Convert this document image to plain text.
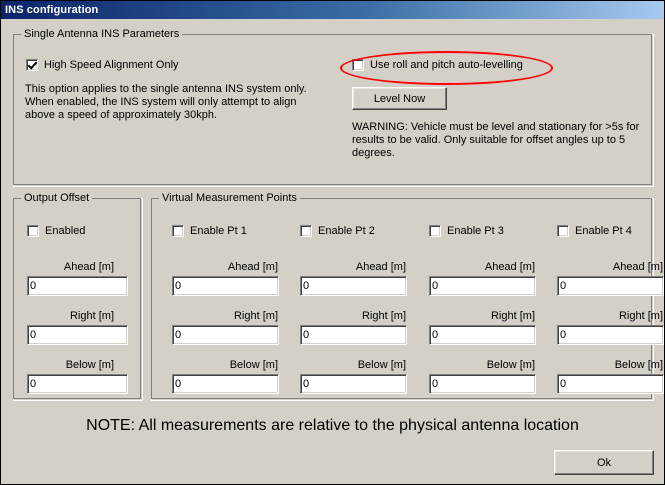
INS configuration
Single Antenna INS Parameters
High Speed Alignment Only
This option applies to the single antenna INS system only. When enabled, the INS system will only attempt to align above a speed of approximately 30kph.
Use roll and pitch auto-levelling
Level Now
WARNING: Vehicle must be level and stationary for >5s for results to be valid. Only suitable for offset angles up to 5 degrees.
Output Offset
Enabled
Ahead [m]
0
Right [m]
0
Below [m]
0
Virtual Measurement Points
Enable Pt 1
Ahead [m]
0
Right [m]
0
Below [m]
0
Enable Pt 2
Ahead [m]
0
Right [m]
0
Below [m]
0
Enable Pt 3
Ahead [m]
0
Right [m]
0
Below [m]
0
Enable Pt 4
Ahead [m]
0
Right [m]
0
Below [m]
0
NOTE: All measurements are relative to the physical antenna location
Ok
